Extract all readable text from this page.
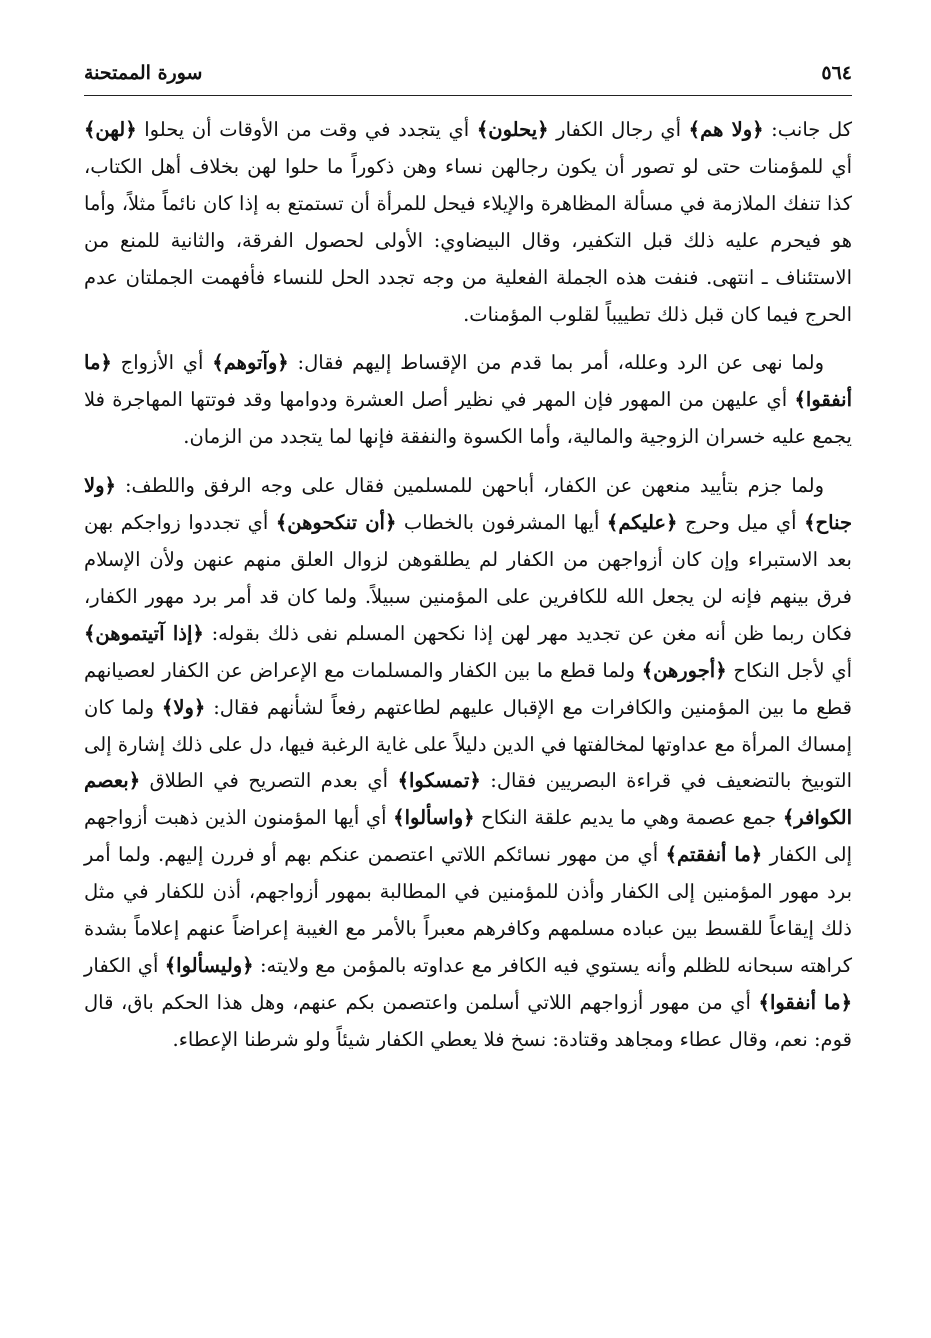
٥٦٤
سورة الممتحنة

كل جانب: ﴿ولا هم﴾ أي رجال الكفار ﴿يحلون﴾ أي يتجدد في وقت من الأوقات أن يحلوا ﴿لهن﴾ أي للمؤمنات حتى لو تصور أن يكون رجالهن نساء وهن ذكوراً ما حلوا لهن بخلاف أهل الكتاب، كذا تنفك الملازمة في مسألة المظاهرة والإيلاء فيحل للمرأة أن تستمتع به إذا كان نائماً مثلاً، وأما هو فيحرم عليه ذلك قبل التكفير، وقال البيضاوي: الأولى لحصول الفرقة، والثانية للمنع من الاستئناف ـ انتهى. فنفت هذه الجملة الفعلية من وجه تجدد الحل للنساء فأفهمت الجملتان عدم الحرج فيما كان قبل ذلك تطييباً لقلوب المؤمنات.

ولما نهى عن الرد وعلله، أمر بما قدم من الإقساط إليهم فقال: ﴿وآتوهم﴾ أي الأزواج ﴿ما أنفقوا﴾ أي عليهن من المهور فإن المهر في نظير أصل العشرة ودوامها وقد فوتتها المهاجرة فلا يجمع عليه خسران الزوجية والمالية، وأما الكسوة والنفقة فإنها لما يتجدد من الزمان.

ولما جزم بتأييد منعهن عن الكفار، أباحهن للمسلمين فقال على وجه الرفق واللطف: ﴿ولا جناح﴾ أي ميل وحرج ﴿عليكم﴾ أيها المشرفون بالخطاب ﴿أن تنكحوهن﴾ أي تجددوا زواجكم بهن بعد الاستبراء وإن كان أزواجهن من الكفار لم يطلقوهن لزوال العلق منهم عنهن ولأن الإسلام فرق بينهم فإنه لن يجعل الله للكافرين على المؤمنين سبيلاً. ولما كان قد أمر برد مهور الكفار، فكان ربما ظن أنه مغن عن تجديد مهر لهن إذا نكحهن المسلم نفى ذلك بقوله: ﴿إذا آتيتموهن﴾ أي لأجل النكاح ﴿أجورهن﴾ ولما قطع ما بين الكفار والمسلمات مع الإعراض عن الكفار لعصيانهم قطع ما بين المؤمنين والكافرات مع الإقبال عليهم لطاعتهم رفعاً لشأنهم فقال: ﴿ولا﴾ ولما كان إمساك المرأة مع عداوتها لمخالفتها في الدين دليلاً على غاية الرغبة فيها، دل على ذلك إشارة إلى التوبيخ بالتضعيف في قراءة البصريين فقال: ﴿تمسكوا﴾ أي بعدم التصريح في الطلاق ﴿بعصم الكوافر﴾ جمع عصمة وهي ما يديم علقة النكاح ﴿واسألوا﴾ أي أيها المؤمنون الذين ذهبت أزواجهم إلى الكفار ﴿ما أنفقتم﴾ أي من مهور نسائكم اللاتي اعتصمن عنكم بهم أو فررن إليهم. ولما أمر برد مهور المؤمنين إلى الكفار وأذن للمؤمنين في المطالبة بمهور أزواجهم، أذن للكفار في مثل ذلك إيقاعاً للقسط بين عباده مسلمهم وكافرهم معبراً بالأمر مع الغيبة إعراضاً عنهم إعلاماً بشدة كراهته سبحانه للظلم وأنه يستوي فيه الكافر مع عداوته بالمؤمن مع ولايته: ﴿وليسألوا﴾ أي الكفار ﴿ما أنفقوا﴾ أي من مهور أزواجهم اللاتي أسلمن واعتصمن بكم عنهم، وهل هذا الحكم باق، قال قوم: نعم، وقال عطاء ومجاهد وقتادة: نسخ فلا يعطي الكفار شيئاً ولو شرطنا الإعطاء.
